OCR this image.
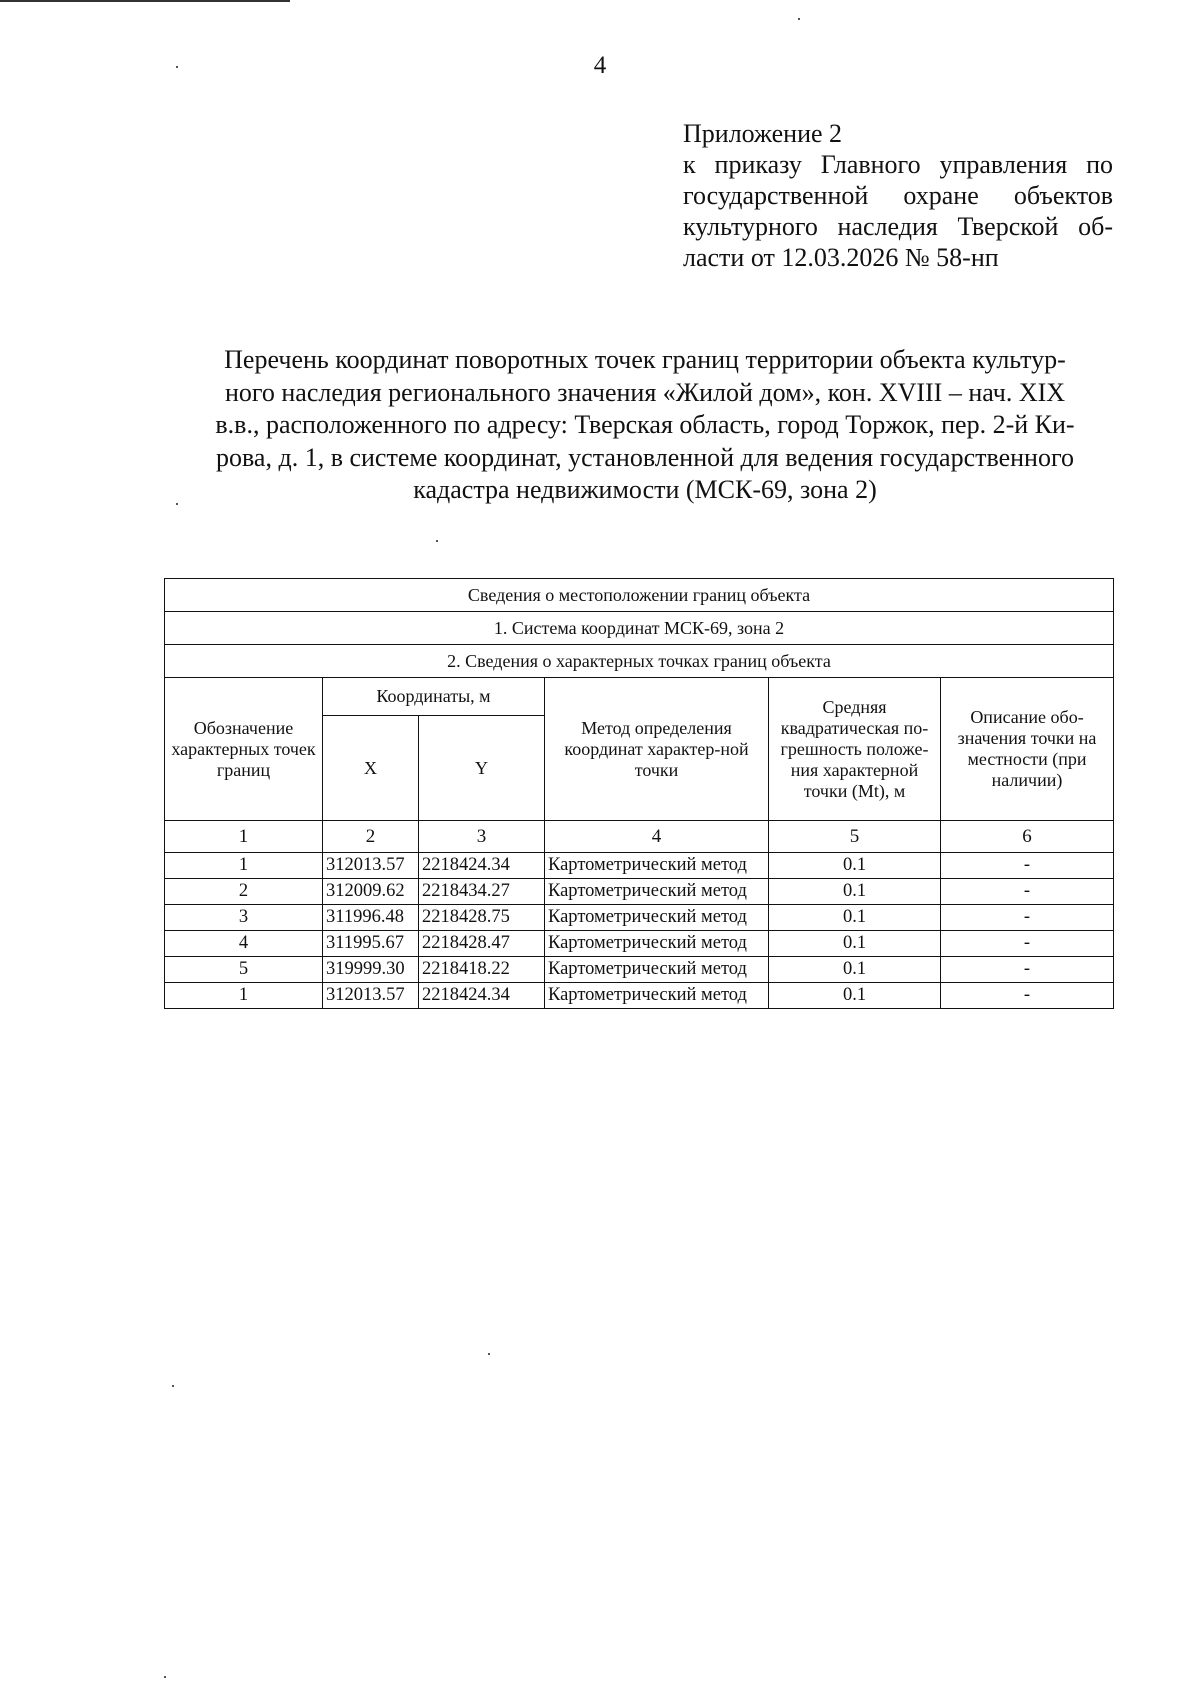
4
Приложение 2
к приказу Главного управления по государственной охране объектов культурного наследия Тверской об- ласти от 12.03.2026 № 58-нп
Перечень координат поворотных точек границ территории объекта культур-
ного наследия регионального значения «Жилой дом», кон. XVIII – нач. XIX
в.в., расположенного по адресу: Тверская область, город Торжок, пер. 2-й Ки-
рова, д. 1, в системе координат, установленной для ведения государственного
кадастра недвижимости (МСК-69, зона 2)
Сведения о местоположении границ объекта					
1. Система координат МСК-69, зона 2					
2. Сведения о характерных точках границ объекта					
Обозначение характерных точек границ	Координаты, м		Метод определения координат характер-ной точки	Средняя квадратическая по-грешность положе-ния характерной точки (Mt), м	Описание обо-значения точки на местности (при наличии)
	X	Y			
1	2	3	4	5	6
1	312013.57	2218424.34	Картометрический метод	0.1	-
2	312009.62	2218434.27	Картометрический метод	0.1	-
3	311996.48	2218428.75	Картометрический метод	0.1	-
4	311995.67	2218428.47	Картометрический метод	0.1	-
5	319999.30	2218418.22	Картометрический метод	0.1	-
1	312013.57	2218424.34	Картометрический метод	0.1	-
